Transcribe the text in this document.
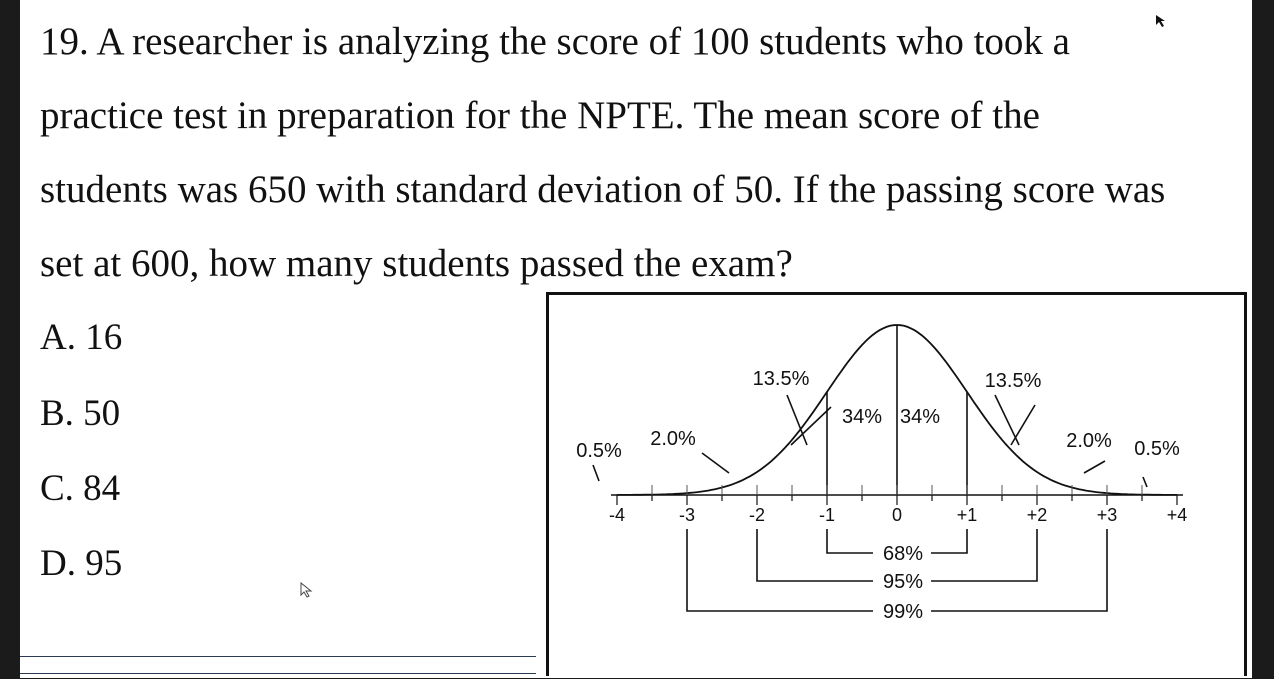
19. A researcher is analyzing the score of 100 students who took a

practice test in preparation for the NPTE. The mean score of the

students was 650 with standard deviation of 50. If the passing score was

set at 600, how many students passed the exam?

A. 16

B. 50

C. 84

D. 95

-4	-3	-2	-1	0	+1	+2	+3	+4
0.5%
2.0%
13.5%
34% 34%
13.5%
2.0% 0.5%
68%
95%
99%
